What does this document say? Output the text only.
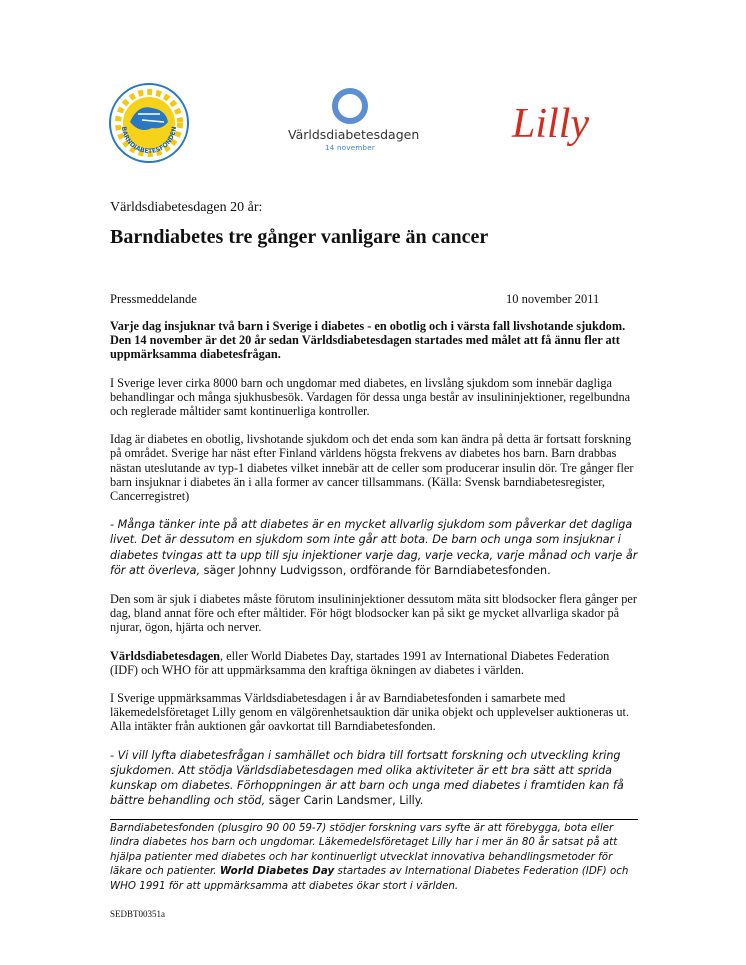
BARNDIABETESFONDEN	Världsdiabetesdagen
14 november
Lilly
Världsdiabetesdagen 20 år:
Barndiabetes tre gånger vanligare än cancer
Pressmeddelande	10 november 2011

Varje dag insjuknar två barn i Sverige i diabetes - en obotlig och i värsta fall livshotande sjukdom. Den 14 november är det 20 år sedan Världsdiabetesdagen startades med målet att få ännu fler att uppmärksamma diabetesfrågan.

I Sverige lever cirka 8000 barn och ungdomar med diabetes, en livslång sjukdom som innebär dagliga behandlingar och många sjukhusbesök. Vardagen för dessa unga består av insulininjektioner, regelbundna och reglerade måltider samt kontinuerliga kontroller.

Idag är diabetes en obotlig, livshotande sjukdom och det enda som kan ändra på detta är fortsatt forskning på området. Sverige har näst efter Finland världens högsta frekvens av diabetes hos barn. Barn drabbas nästan uteslutande av typ-1 diabetes vilket innebär att de celler som producerar insulin dör. Tre gånger fler barn insjuknar i diabetes än i alla former av cancer tillsammans. (Källa: Svensk barndiabetesregister, Cancerregistret)

- Många tänker inte på att diabetes är en mycket allvarlig sjukdom som påverkar det dagliga livet. Det är dessutom en sjukdom som inte går att bota. De barn och unga som insjuknar i diabetes tvingas att ta upp till sju injektioner varje dag, varje vecka, varje månad och varje år för att överleva, säger Johnny Ludvigsson, ordförande för Barndiabetesfonden.

Den som är sjuk i diabetes måste förutom insulininjektioner dessutom mäta sitt blodsocker flera gånger per dag, bland annat före och efter måltider. För högt blodsocker kan på sikt ge mycket allvarliga skador på njurar, ögon, hjärta och nerver.

Världsdiabetesdagen, eller World Diabetes Day, startades 1991 av International Diabetes Federation (IDF) och WHO för att uppmärksamma den kraftiga ökningen av diabetes i världen.

I Sverige uppmärksammas Världsdiabetesdagen i år av Barndiabetesfonden i samarbete med läkemedelsföretaget Lilly genom en välgörenhetsauktion där unika objekt och upplevelser auktioneras ut. Alla intäkter från auktionen går oavkortat till Barndiabetesfonden.

- Vi vill lyfta diabetesfrågan i samhället och bidra till fortsatt forskning och utveckling kring sjukdomen. Att stödja Världsdiabetesdagen med olika aktiviteter är ett bra sätt att sprida kunskap om diabetes. Förhoppningen är att barn och unga med diabetes i framtiden kan få bättre behandling och stöd, säger Carin Landsmer, Lilly.

Barndiabetesfonden (plusgiro 90 00 59-7) stödjer forskning vars syfte är att förebygga, bota eller lindra diabetes hos barn och ungdomar. Läkemedelsföretaget Lilly har i mer än 80 år satsat på att hjälpa patienter med diabetes och har kontinuerligt utvecklat innovativa behandlingsmetoder för läkare och patienter. World Diabetes Day startades av International Diabetes Federation (IDF) och WHO 1991 för att uppmärksamma att diabetes ökar stort i världen.
SEDBT00351a
